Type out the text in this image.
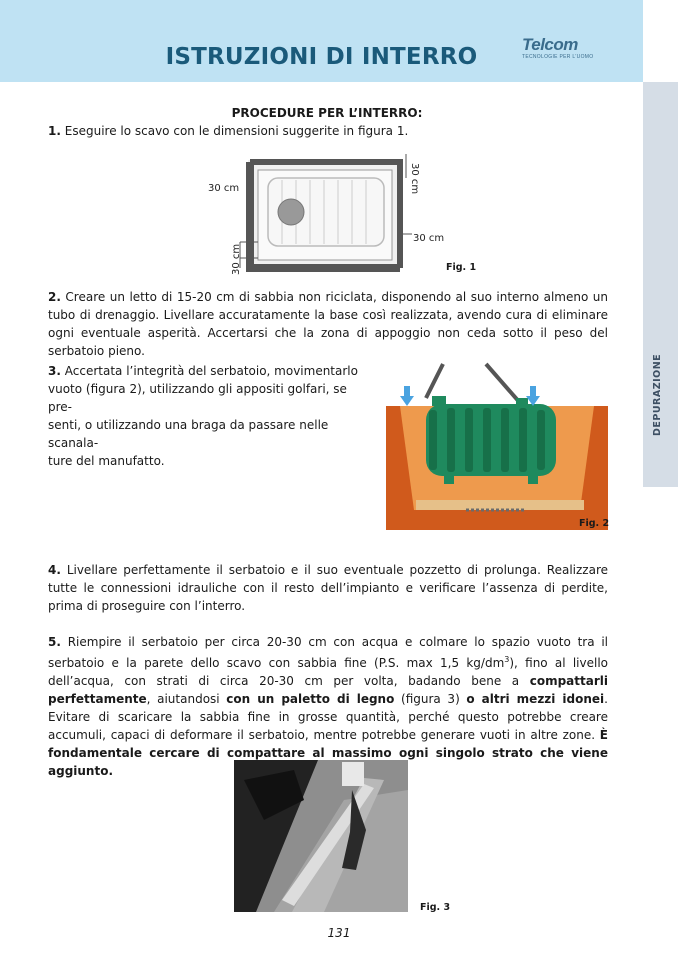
ISTRUZIONI DI INTERRO	Telcom
TECNOLOGIE PER L'UOMO
DEPURAZIONE
PROCEDURE PER L’INTERRO:
1. Eseguire lo scavo con le dimensioni suggerite in figura 1.
30 cm	30 cm
30 cm
30 cm	Fig. 1
2. Creare un letto di 15-20 cm di sabbia non riciclata, disponendo al suo interno almeno un tubo di drenaggio. Livellare accuratamente la base così realizzata, avendo cura di eliminare ogni eventuale asperità. Accertarsi che la zona di appoggio non ceda sotto il peso del serbatoio pieno.
3. Accertata l’integrità del serbatoio, movimentarlo
vuoto (figura 2), utilizzando gli appositi golfari, se pre-
senti, o utilizzando una braga da passare nelle scanala-
ture del manufatto.
Fig. 2
4. Livellare perfettamente il serbatoio e il suo eventuale pozzetto di prolunga. Realizzare tutte le connessioni idrauliche con il resto dell’impianto e verificare l’assenza di perdite, prima di proseguire con l’interro.
5. Riempire il serbatoio per circa 20-30 cm con acqua e colmare lo spazio vuoto tra il serbatoio e la parete dello scavo con sabbia fine (P.S. max 1,5 $kg/dm^3$), fino al livello dell’acqua, con strati di circa 20-30 cm per volta, badando bene a compattarli perfettamente, aiutandosi con un paletto di legno (figura 3) o altri mezzi idonei. Evitare di scaricare la sabbia fine in grosse quantità, perché questo potrebbe creare accumuli, capaci di deformare il serbatoio, mentre potrebbe generare vuoti in altre zone. È fondamentale cercare di compattare al massimo ogni singolo strato che viene aggiunto.
Fig. 3
131
